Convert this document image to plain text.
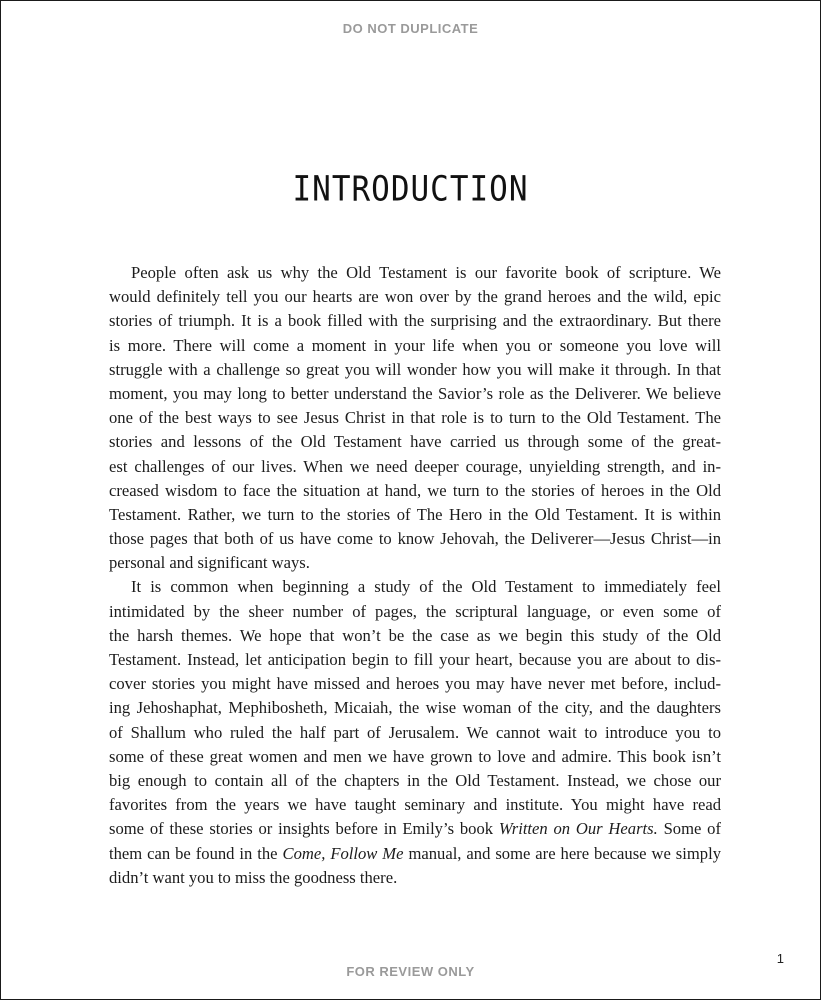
DO NOT DUPLICATE
INTRODUCTION
People often ask us why the Old Testament is our favorite book of scripture. We
would definitely tell you our hearts are won over by the grand heroes and the wild, epic
stories of triumph. It is a book filled with the surprising and the extraordinary. But there
is more. There will come a moment in your life when you or someone you love will
struggle with a challenge so great you will wonder how you will make it through. In that
moment, you may long to better understand the Savior’s role as the Deliverer. We believe
one of the best ways to see Jesus Christ in that role is to turn to the Old Testament. The
stories and lessons of the Old Testament have carried us through some of the great-
est challenges of our lives. When we need deeper courage, unyielding strength, and in-
creased wisdom to face the situation at hand, we turn to the stories of heroes in the Old
Testament. Rather, we turn to the stories of The Hero in the Old Testament. It is within
those pages that both of us have come to know Jehovah, the Deliverer—Jesus Christ—in
personal and significant ways.
It is common when beginning a study of the Old Testament to immediately feel
intimidated by the sheer number of pages, the scriptural language, or even some of
the harsh themes. We hope that won’t be the case as we begin this study of the Old
Testament. Instead, let anticipation begin to fill your heart, because you are about to dis-
cover stories you might have missed and heroes you may have never met before, includ-
ing Jehoshaphat, Mephibosheth, Micaiah, the wise woman of the city, and the daughters
of Shallum who ruled the half part of Jerusalem. We cannot wait to introduce you to
some of these great women and men we have grown to love and admire. This book isn’t
big enough to contain all of the chapters in the Old Testament. Instead, we chose our
favorites from the years we have taught seminary and institute. You might have read
some of these stories or insights before in Emily’s book Written on Our Hearts. Some of
them can be found in the Come, Follow Me manual, and some are here because we simply
didn’t want you to miss the goodness there.
1
FOR REVIEW ONLY
